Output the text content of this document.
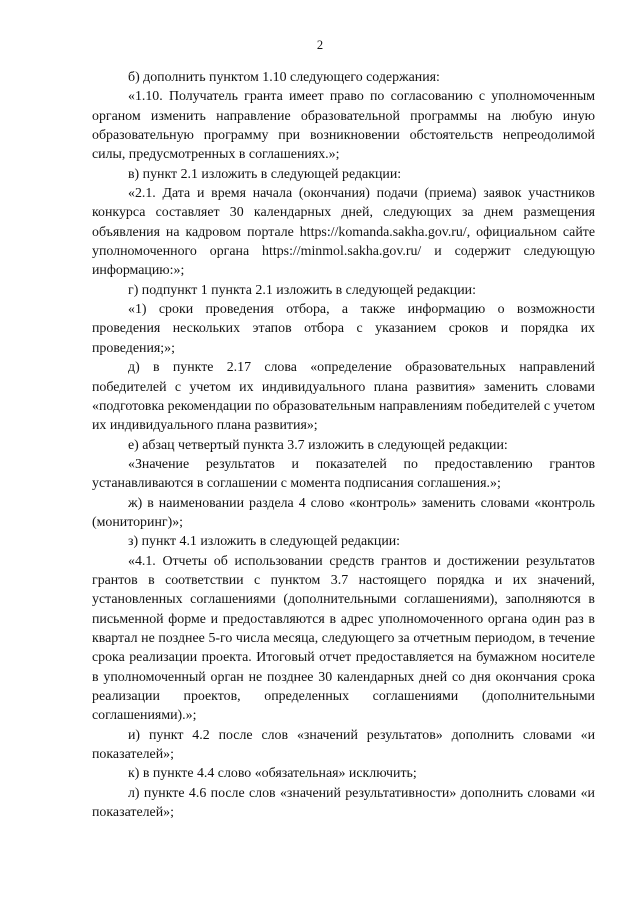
2

б) дополнить пунктом 1.10 следующего содержания:

«1.10. Получатель гранта имеет право по согласованию с уполномоченным органом изменить направление образовательной программы на любую иную образовательную программу при возникновении обстоятельств непреодолимой силы, предусмотренных в соглашениях.»;

в) пункт 2.1 изложить в следующей редакции:

«2.1. Дата и время начала (окончания) подачи (приема) заявок участников конкурса составляет 30 календарных дней, следующих за днем размещения объявления на кадровом портале https://komanda.sakha.gov.ru/, официальном сайте уполномоченного органа https://minmol.sakha.gov.ru/ и содержит следующую информацию:»;

г) подпункт 1 пункта 2.1 изложить в следующей редакции:

«1) сроки проведения отбора, а также информацию о возможности проведения нескольких этапов отбора с указанием сроков и порядка их проведения;»;

д) в пункте 2.17 слова «определение образовательных направлений победителей с учетом их индивидуального плана развития» заменить словами «подготовка рекомендации по образовательным направлениям победителей с учетом их индивидуального плана развития»;

е) абзац четвертый пункта 3.7 изложить в следующей редакции:

«Значение результатов и показателей по предоставлению грантов устанавливаются в соглашении с момента подписания соглашения.»;

ж) в наименовании раздела 4 слово «контроль» заменить словами «контроль (мониторинг)»;

з) пункт 4.1 изложить в следующей редакции:

«4.1. Отчеты об использовании средств грантов и достижении результатов грантов в соответствии с пунктом 3.7 настоящего порядка и их значений, установленных соглашениями (дополнительными соглашениями), заполняются в письменной форме и предоставляются в адрес уполномоченного органа один раз в квартал не позднее 5-го числа месяца, следующего за отчетным периодом, в течение срока реализации проекта. Итоговый отчет предоставляется на бумажном носителе в уполномоченный орган не позднее 30 календарных дней со дня окончания срока реализации проектов, определенных соглашениями (дополнительными соглашениями).»;

и) пункт 4.2 после слов «значений результатов» дополнить словами «и показателей»;

к) в пункте 4.4 слово «обязательная» исключить;

л) пункте 4.6 после слов «значений результативности» дополнить словами «и показателей»;
